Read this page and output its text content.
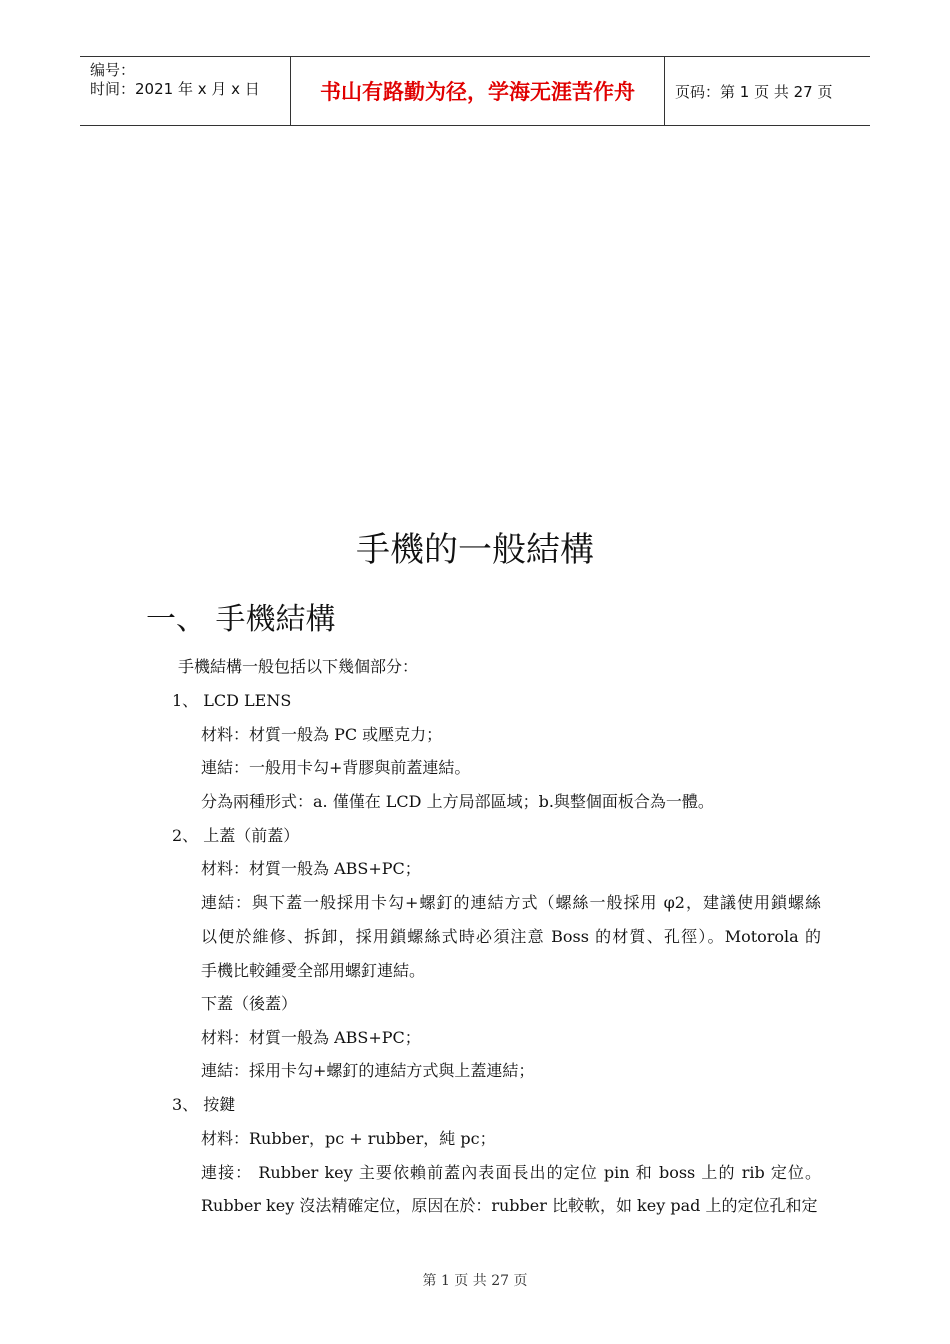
编号：
时间：2021 年 x 月 x 日	书山有路勤为径，学海无涯苦作舟	页码：第 1 页 共 27 页
手機的一般結構
一、 手機結構
手機結構一般包括以下幾個部分：
1、 LCD LENS
材料：材質一般為 PC 或壓克力；
連結：一般用卡勾+背膠與前蓋連結。
分為兩種形式：a. 僅僅在 LCD 上方局部區域；b.與整個面板合為一體。
2、 上蓋（前蓋）
材料：材質一般為 ABS+PC；
連結：與下蓋一般採用卡勾+螺釘的連結方式（螺絲一般採用 φ2，建議使用鎖螺絲
以便於維修、拆卸，採用鎖螺絲式時必須注意 Boss 的材質、孔徑）。Motorola 的
手機比較鍾愛全部用螺釘連結。
下蓋（後蓋）
材料：材質一般為 ABS+PC；
連結：採用卡勾+螺釘的連結方式與上蓋連結；
3、 按鍵
材料：Rubber，pc + rubber，純 pc；
連接： Rubber key 主要依賴前蓋內表面長出的定位 pin 和 boss 上的 rib 定位。
Rubber key 沒法精確定位，原因在於：rubber 比較軟，如 key pad 上的定位孔和定
第 1 页 共 27 页
